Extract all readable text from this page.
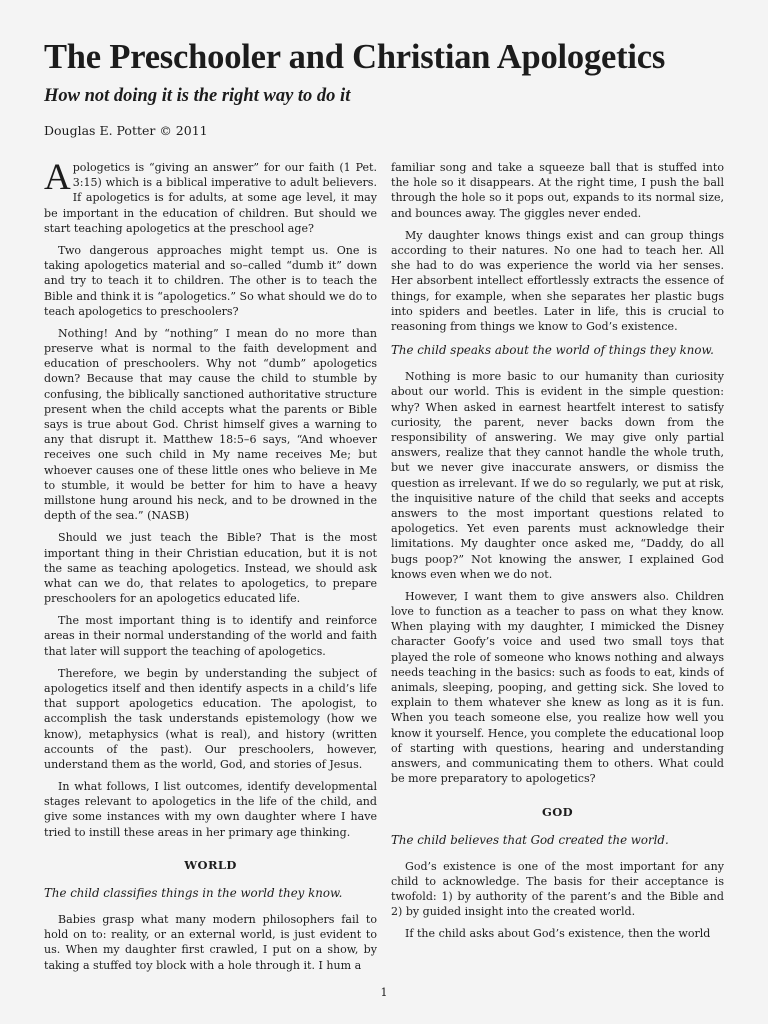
The Preschooler and Christian Apologetics
How not doing it is the right way to do it
Douglas E. Potter © 2011

Apologetics is “giving an answer” for our faith (1 Pet. 3:15) which is a biblical imperative to adult believers. If apologetics is for adults, at some age level, it may be important in the education of children. But should we start teaching apologetics at the preschool age?

Two dangerous approaches might tempt us. One is taking apologetics material and so–called “dumb it” down and try to teach it to children. The other is to teach the Bible and think it is “apologetics.” So what should we do to teach apologetics to preschoolers?

Nothing! And by “nothing” I mean do no more than preserve what is normal to the faith development and education of preschoolers. Why not “dumb” apologetics down? Because that may cause the child to stumble by confusing, the biblically sanctioned authoritative structure present when the child accepts what the parents or Bible says is true about God. Christ himself gives a warning to any that disrupt it. Matthew 18:5–6 says, “And whoever receives one such child in My name receives Me; but whoever causes one of these little ones who believe in Me to stumble, it would be better for him to have a heavy millstone hung around his neck, and to be drowned in the depth of the sea.” (NASB)

Should we just teach the Bible? That is the most important thing in their Christian education, but it is not the same as teaching apologetics. Instead, we should ask what can we do, that relates to apologetics, to prepare preschoolers for an apologetics educated life.

The most important thing is to identify and reinforce areas in their normal understanding of the world and faith that later will support the teaching of apologetics.

Therefore, we begin by understanding the subject of apologetics itself and then identify aspects in a child’s life that support apologetics education. The apologist, to accomplish the task understands epistemology (how we know), metaphysics (what is real), and history (written accounts of the past). Our preschoolers, however, understand them as the world, God, and stories of Jesus.

In what follows, I list outcomes, identify developmental stages relevant to apologetics in the life of the child, and give some instances with my own daughter where I have tried to instill these areas in her primary age thinking.

WORLD
The child classifies things in the world they know.

Babies grasp what many modern philosophers fail to hold on to: reality, or an external world, is just evident to us. When my daughter first crawled, I put on a show, by taking a stuffed toy block with a hole through it. I hum a

familiar song and take a squeeze ball that is stuffed into the hole so it disappears. At the right time, I push the ball through the hole so it pops out, expands to its normal size, and bounces away. The giggles never ended.

My daughter knows things exist and can group things according to their natures. No one had to teach her. All she had to do was experience the world via her senses. Her absorbent intellect effortlessly extracts the essence of things, for example, when she separates her plastic bugs into spiders and beetles. Later in life, this is crucial to reasoning from things we know to God’s existence.

The child speaks about the world of things they know.

Nothing is more basic to our humanity than curiosity about our world. This is evident in the simple question: why? When asked in earnest heartfelt interest to satisfy curiosity, the parent, never backs down from the responsibility of answering. We may give only partial answers, realize that they cannot handle the whole truth, but we never give inaccurate answers, or dismiss the question as irrelevant. If we do so regularly, we put at risk, the inquisitive nature of the child that seeks and accepts answers to the most important questions related to apologetics. Yet even parents must acknowledge their limitations. My daughter once asked me, “Daddy, do all bugs poop?” Not knowing the answer, I explained God knows even when we do not.

However, I want them to give answers also. Children love to function as a teacher to pass on what they know. When playing with my daughter, I mimicked the Disney character Goofy’s voice and used two small toys that played the role of someone who knows nothing and always needs teaching in the basics: such as foods to eat, kinds of animals, sleeping, pooping, and getting sick. She loved to explain to them whatever she knew as long as it is fun. When you teach someone else, you realize how well you know it yourself. Hence, you complete the educational loop of starting with questions, hearing and understanding answers, and communicating them to others. What could be more preparatory to apologetics?

GOD
The child believes that God created the world.

God’s existence is one of the most important for any child to acknowledge. The basis for their acceptance is twofold: 1) by authority of the parent’s and the Bible and 2) by guided insight into the created world.

If the child asks about God’s existence, then the world

1
